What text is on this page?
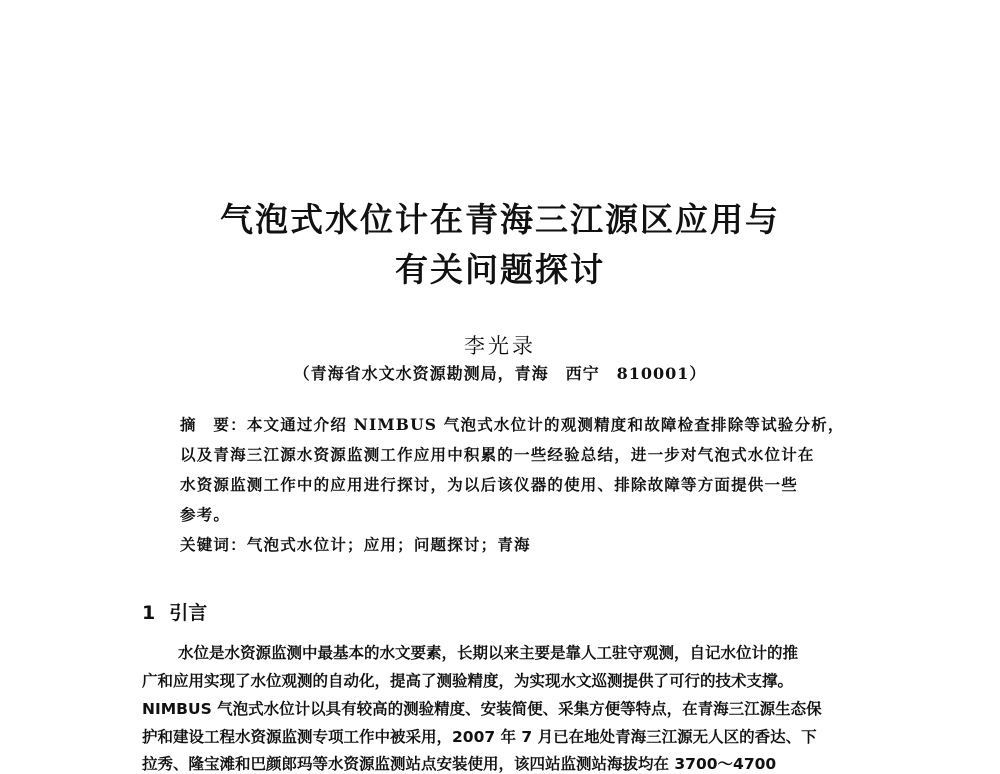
气泡式水位计在青海三江源区应用与
有关问题探讨
李光录
（青海省水文水资源勘测局，青海　西宁　810001）
摘　要：本文通过介绍 NIMBUS 气泡式水位计的观测精度和故障检查排除等试验分析，
以及青海三江源水资源监测工作应用中积累的一些经验总结，进一步对气泡式水位计在
水资源监测工作中的应用进行探讨，为以后该仪器的使用、排除故障等方面提供一些
参考。
关键词：气泡式水位计；应用；问题探讨；青海
1 引言
水位是水资源监测中最基本的水文要素，长期以来主要是靠人工驻守观测，自记水位计的推
广和应用实现了水位观测的自动化，提高了测验精度，为实现水文巡测提供了可行的技术支撑。
NIMBUS 气泡式水位计以具有较高的测验精度、安装简便、采集方便等特点，在青海三江源生态保
护和建设工程水资源监测专项工作中被采用，2007 年 7 月已在地处青海三江源无人区的香达、下
拉秀、隆宝滩和巴颜郎玛等水资源监测站点安装使用，该四站监测站海拔均在 3700～4700
